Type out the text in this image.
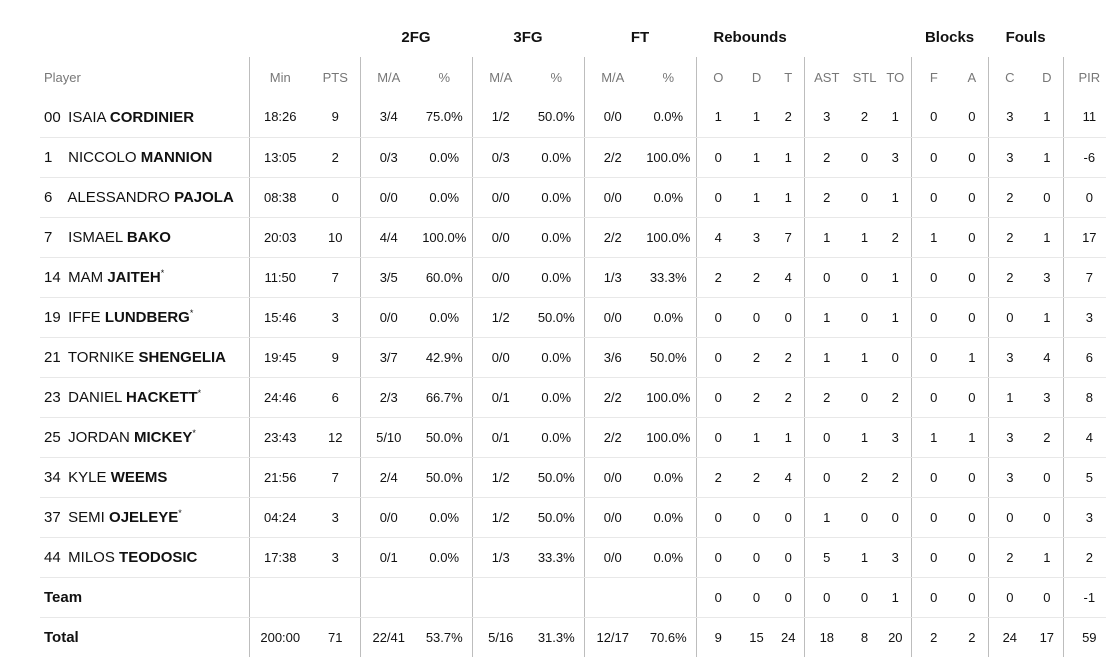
			2FG		3FG		FT		Rebounds						Blocks		Fouls		
Player	Min	PTS	M/A	%	M/A	%	M/A	%	O	D	T	AST	STL	TO	F	A	C	D	PIR
00 ISAIA CORDINIER	18:26	9	3/4	75.0%	1/2	50.0%	0/0	0.0%	1	1	2	3	2	1	0	0	3	1	11
1 NICCOLO MANNION	13:05	2	0/3	0.0%	0/3	0.0%	2/2	100.0%	0	1	1	2	0	3	0	0	3	1	-6
6 ALESSANDRO PAJOLA	08:38	0	0/0	0.0%	0/0	0.0%	0/0	0.0%	0	1	1	2	0	1	0	0	2	0	0
7 ISMAEL BAKO	20:03	10	4/4	100.0%	0/0	0.0%	2/2	100.0%	4	3	7	1	1	2	1	0	2	1	17
14 MAM JAITEH*	11:50	7	3/5	60.0%	0/0	0.0%	1/3	33.3%	2	2	4	0	0	1	0	0	2	3	7
19 IFFE LUNDBERG*	15:46	3	0/0	0.0%	1/2	50.0%	0/0	0.0%	0	0	0	1	0	1	0	0	0	1	3
21 TORNIKE SHENGELIA	19:45	9	3/7	42.9%	0/0	0.0%	3/6	50.0%	0	2	2	1	1	0	0	1	3	4	6
23 DANIEL HACKETT*	24:46	6	2/3	66.7%	0/1	0.0%	2/2	100.0%	0	2	2	2	0	2	0	0	1	3	8
25 JORDAN MICKEY*	23:43	12	5/10	50.0%	0/1	0.0%	2/2	100.0%	0	1	1	0	1	3	1	1	3	2	4
34 KYLE WEEMS	21:56	7	2/4	50.0%	1/2	50.0%	0/0	0.0%	2	2	4	0	2	2	0	0	3	0	5
37 SEMI OJELEYE*	04:24	3	0/0	0.0%	1/2	50.0%	0/0	0.0%	0	0	0	1	0	0	0	0	0	0	3
44 MILOS TEODOSIC	17:38	3	0/1	0.0%	1/3	33.3%	0/0	0.0%	0	0	0	5	1	3	0	0	2	1	2
Team									0	0	0	0	0	1	0	0	0	0	-1
Total	200:00	71	22/41	53.7%	5/16	31.3%	12/17	70.6%	9	15	24	18	8	20	2	2	24	17	59
